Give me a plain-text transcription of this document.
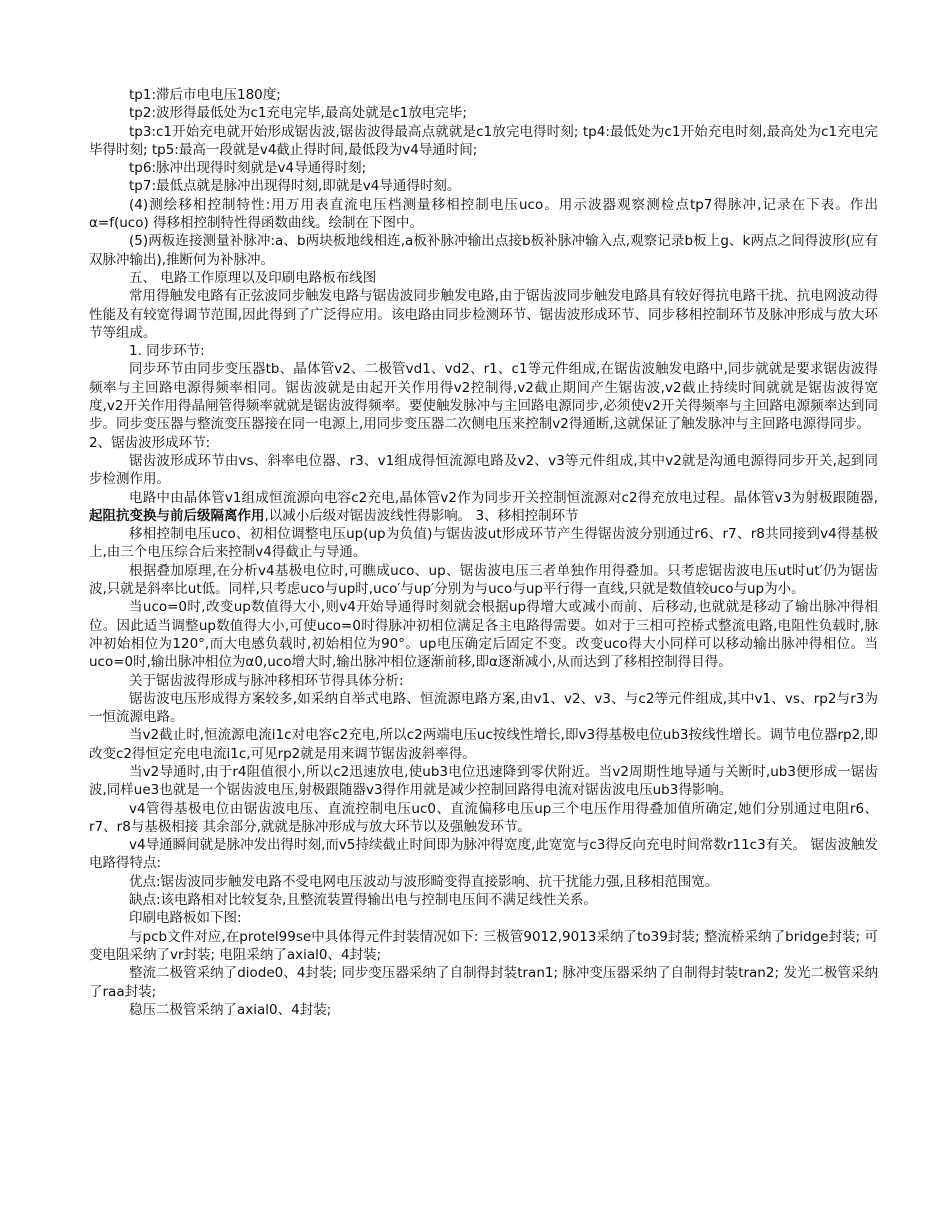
tp1:滞后市电电压180度;

tp2:波形得最低处为c1充电完毕,最高处就是c1放电完毕;

tp3:c1开始充电就开始形成锯齿波,锯齿波得最高点就就是c1放完电得时刻; tp4:最低处为c1开始充电时刻,最高处为c1充电完毕得时刻; tp5:最高一段就是v4截止得时间,最低段为v4导通时间;

tp6:脉冲出现得时刻就是v4导通得时刻;

tp7:最低点就是脉冲出现得时刻,即就是v4导通得时刻。

(4)测绘移相控制特性:用万用表直流电压档测量移相控制电压uco。用示波器观察测检点tp7得脉冲,记录在下表。作出α=f(uco) 得移相控制特性得函数曲线。绘制在下图中。

(5)两板连接测量补脉冲:a、b两块板地线相连,a板补脉冲输出点接b板补脉冲输入点,观察记录b板上g、k两点之间得波形(应有双脉冲输出),推断何为补脉冲。

五、 电路工作原理以及印刷电路板布线图

常用得触发电路有正弦波同步触发电路与锯齿波同步触发电路,由于锯齿波同步触发电路具有较好得抗电路干扰、抗电网波动得性能及有较宽得调节范围,因此得到了广泛得应用。该电路由同步检测环节、锯齿波形成环节、同步移相控制环节及脉冲形成与放大环节等组成。

1. 同步环节:

同步环节由同步变压器tb、晶体管v2、二极管vd1、vd2、r1、c1等元件组成,在锯齿波触发电路中,同步就就是要求锯齿波得频率与主回路电源得频率相同。锯齿波就是由起开关作用得v2控制得,v2截止期间产生锯齿波,v2截止持续时间就就是锯齿波得宽度,v2开关作用得晶闸管得频率就就是锯齿波得频率。要使触发脉冲与主回路电源同步,必须使v2开关得频率与主回路电源频率达到同步。同步变压器与整流变压器接在同一电源上,用同步变压器二次侧电压来控制v2得通断,这就保证了触发脉冲与主回路电源得同步。

2、锯齿波形成环节:

锯齿波形成环节由vs、斜率电位器、r3、v1组成得恒流源电路及v2、v3等元件组成,其中v2就是沟通电源得同步开关,起到同步检测作用。

电路中由晶体管v1组成恒流源向电容c2充电,晶体管v2作为同步开关控制恒流源对c2得充放电过程。晶体管v3为射极跟随器,起阻抗变换与前后级隔离作用,以减小后级对锯齿波线性得影响。 3、移相控制环节

移相控制电压uco、初相位调整电压up(up为负值)与锯齿波ut形成环节产生得锯齿波分别通过r6、r7、r8共同接到v4得基极上,由三个电压综合后来控制v4得截止与导通。

根据叠加原理,在分析v4基极电位时,可瞧成uco、up、锯齿波电压三者单独作用得叠加。只考虑锯齿波电压ut时ut′仍为锯齿波,只就是斜率比ut低。同样,只考虑uco与up时,uco′与up′分别为与uco与up平行得一直线,只就是数值较uco与up为小。

当uco=0时,改变up数值得大小,则v4开始导通得时刻就会根据up得增大或减小而前、后移动,也就就是移动了输出脉冲得相位。因此适当调整up数值得大小,可使uco=0时得脉冲初相位满足各主电路得需要。如对于三相可控桥式整流电路,电阻性负载时,脉冲初始相位为120°,而大电感负载时,初始相位为90°。up电压确定后固定不变。改变uco得大小同样可以移动输出脉冲得相位。当uco=0时,输出脉冲相位为α0,uco增大时,输出脉冲相位逐渐前移,即α逐渐减小,从而达到了移相控制得目得。

关于锯齿波得形成与脉冲移相环节得具体分析:

锯齿波电压形成得方案较多,如采纳自举式电路、恒流源电路方案,由v1、v2、v3、与c2等元件组成,其中v1、vs、rp2与r3为一恒流源电路。

当v2截止时,恒流源电流i1c对电容c2充电,所以c2两端电压uc按线性增长,即v3得基极电位ub3按线性增长。调节电位器rp2,即改变c2得恒定充电电流i1c,可见rp2就是用来调节锯齿波斜率得。

当v2导通时,由于r4阻值很小,所以c2迅速放电,使ub3电位迅速降到零伏附近。当v2周期性地导通与关断时,ub3便形成一锯齿波,同样ue3也就是一个锯齿波电压,射极跟随器v3得作用就是减少控制回路得电流对锯齿波电压ub3得影响。

v4管得基极电位由锯齿波电压、直流控制电压uc0、直流偏移电压up三个电压作用得叠加值所确定,她们分别通过电阻r6、r7、r8与基极相接 其余部分,就就是脉冲形成与放大环节以及强触发环节。

v4导通瞬间就是脉冲发出得时刻,而v5持续截止时间即为脉冲得宽度,此宽宽与c3得反向充电时间常数r11c3有关。 锯齿波触发电路得特点:

优点:锯齿波同步触发电路不受电网电压波动与波形畸变得直接影响、抗干扰能力强,且移相范围宽。

缺点:该电路相对比较复杂,且整流装置得输出电与控制电压间不满足线性关系。

印刷电路板如下图:

与pcb文件对应,在protel99se中具体得元件封装情况如下: 三极管9012,9013采纳了to39封装; 整流桥采纳了bridge封装; 可变电阻采纳了vr封装; 电阻采纳了axial0、4封装;

整流二极管采纳了diode0、4封装; 同步变压器采纳了自制得封装tran1; 脉冲变压器采纳了自制得封装tran2; 发光二极管采纳了raa封装;

稳压二极管采纳了axial0、4封装;
